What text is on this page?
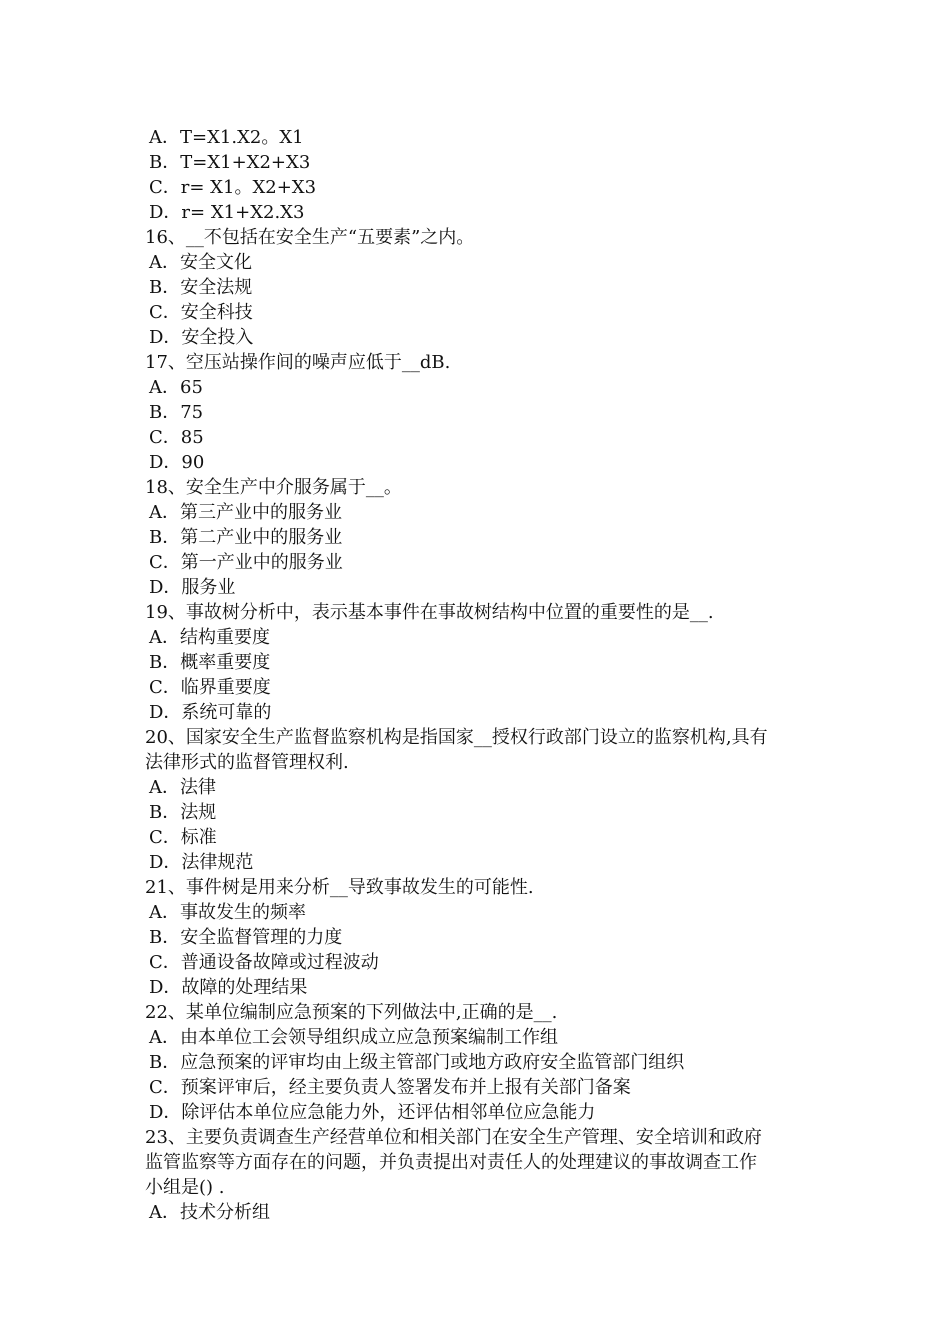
A．T=X1.X2。X1
B．T=X1+X2+X3
C．r= X1。X2+X3
D．r= X1+X2.X3
16、__不包括在安全生产“五要素”之内。
A．安全文化
B．安全法规
C．安全科技
D．安全投入
17、空压站操作间的噪声应低于__dB.
A．65
B．75
C．85
D．90
18、安全生产中介服务属于__。
A．第三产业中的服务业
B．第二产业中的服务业
C．第一产业中的服务业
D．服务业
19、事故树分析中，表示基本事件在事故树结构中位置的重要性的是__.
A．结构重要度
B．概率重要度
C．临界重要度
D．系统可靠的
20、国家安全生产监督监察机构是指国家__授权行政部门设立的监察机构,具有
法律形式的监督管理权利.
A．法律
B．法规
C．标准
D．法律规范
21、事件树是用来分析__导致事故发生的可能性.
A．事故发生的频率
B．安全监督管理的力度
C．普通设备故障或过程波动
D．故障的处理结果
22、某单位编制应急预案的下列做法中,正确的是__.
A．由本单位工会领导组织成立应急预案编制工作组
B．应急预案的评审均由上级主管部门或地方政府安全监管部门组织
C．预案评审后，经主要负责人签署发布并上报有关部门备案
D．除评估本单位应急能力外，还评估相邻单位应急能力
23、主要负责调查生产经营单位和相关部门在安全生产管理、安全培训和政府
监管监察等方面存在的问题，并负责提出对责任人的处理建议的事故调查工作
小组是() .
A．技术分析组
